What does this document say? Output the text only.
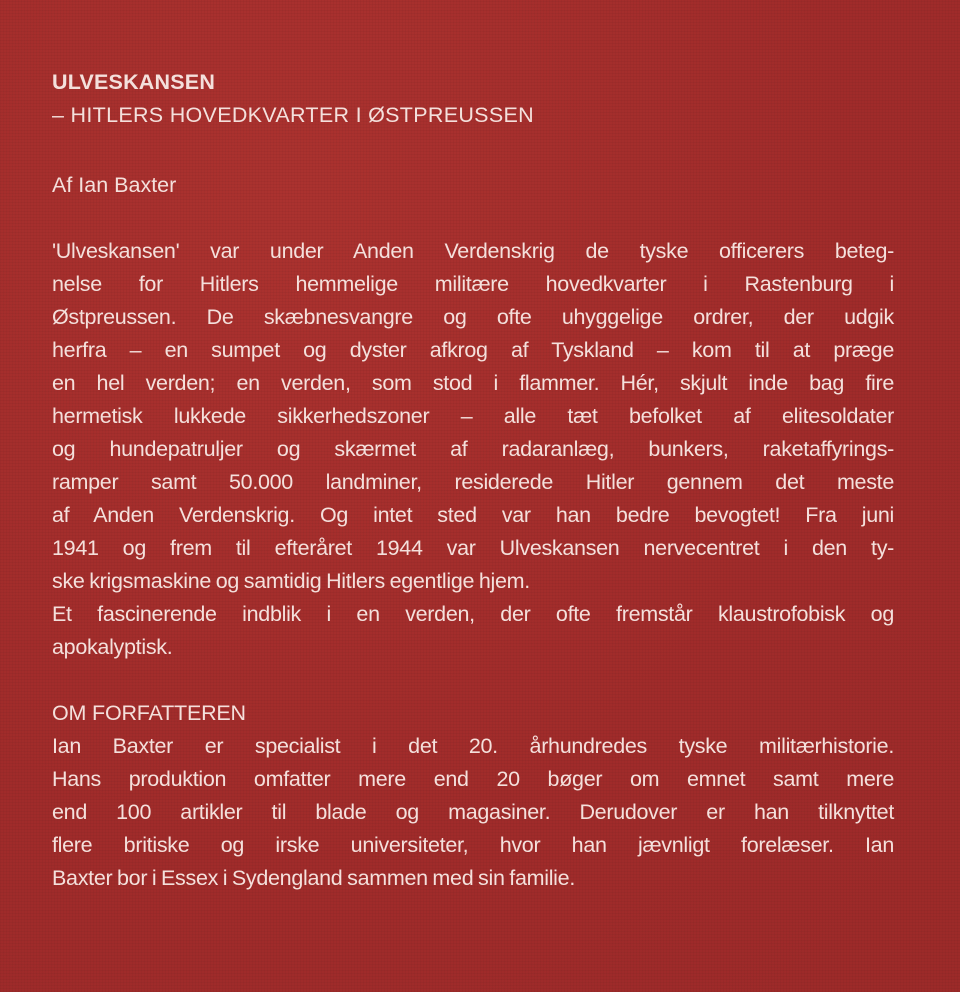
ULVESKANSEN
– HITLERS HOVEDKVARTER I ØSTPREUSSEN
Af Ian Baxter
'Ulveskansen' var under Anden Verdenskrig de tyske officerers beteg-
nelse for Hitlers hemmelige militære hovedkvarter i Rastenburg i
Østpreussen. De skæbnesvangre og ofte uhyggelige ordrer, der udgik
herfra – en sumpet og dyster afkrog af Tyskland – kom til at præge
en hel verden; en verden, som stod i flammer. Hér, skjult inde bag fire
hermetisk lukkede sikkerhedszoner – alle tæt befolket af elitesoldater
og hundepatruljer og skærmet af radaranlæg, bunkers, raketaffyrings-
ramper samt 50.000 landminer, residerede Hitler gennem det meste
af Anden Verdenskrig. Og intet sted var han bedre bevogtet! Fra juni
1941 og frem til efteråret 1944 var Ulveskansen nervecentret i den ty-
ske krigsmaskine og samtidig Hitlers egentlige hjem.
Et fascinerende indblik i en verden, der ofte fremstår klaustrofobisk og
apokalyptisk.
OM FORFATTEREN
Ian Baxter er specialist i det 20. århundredes tyske militærhistorie.
Hans produktion omfatter mere end 20 bøger om emnet samt mere
end 100 artikler til blade og magasiner. Derudover er han tilknyttet
flere britiske og irske universiteter, hvor han jævnligt forelæser. Ian
Baxter bor i Essex i Sydengland sammen med sin familie.
